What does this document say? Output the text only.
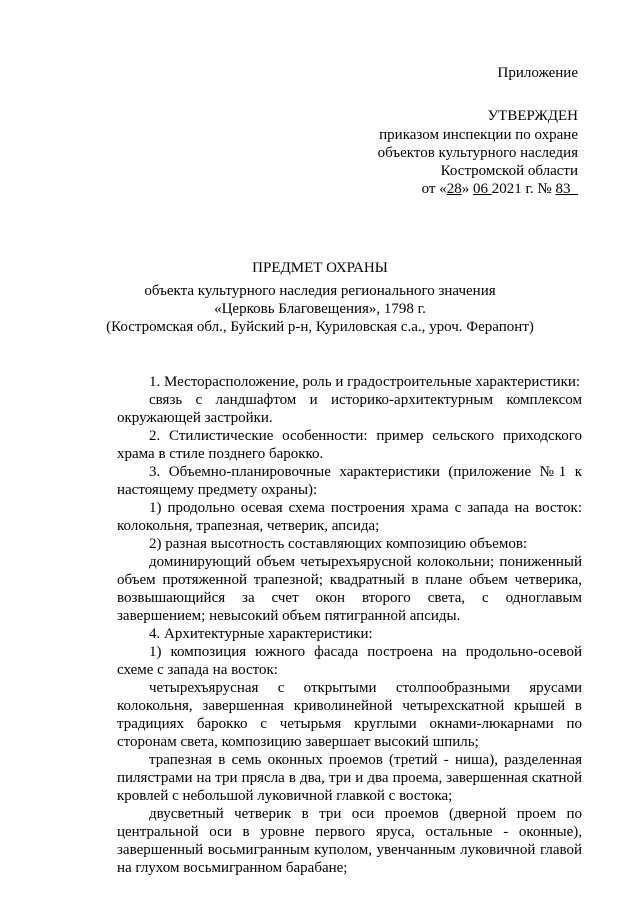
Приложение
УТВЕРЖДЕН
приказом инспекции по охране
объектов культурного наследия
Костромской области
от «28» 06 2021 г. № 83
ПРЕДМЕТ ОХРАНЫ
объекта культурного наследия регионального значения
«Церковь Благовещения», 1798 г.
(Костромская обл., Буйский р-н, Куриловская с.а., уроч. Ферапонт)

1. Месторасположение, роль и градостроительные характеристики:

связь с ландшафтом и историко-архитектурным комплексом окружающей застройки.

2. Стилистические особенности: пример сельского приходского храма в стиле позднего барокко.

3. Объемно-планировочные характеристики (приложение №1 к настоящему предмету охраны):

1) продольно осевая схема построения храма с запада на восток: колокольня, трапезная, четверик, апсида;

2) разная высотность составляющих композицию объемов:

доминирующий объем четырехъярусной колокольни; пониженный объем протяженной трапезной; квадратный в плане объем четверика, возвышающийся за счет окон второго света, с одноглавым завершением; невысокий объем пятигранной апсиды.

4. Архитектурные характеристики:

1) композиция южного фасада построена на продольно-осевой схеме с запада на восток:

четырехъярусная с открытыми столпообразными ярусами колокольня, завершенная криволинейной четырехскатной крышей в традициях барокко с четырьмя круглыми окнами-люкарнами по сторонам света, композицию завершает высокий шпиль;

трапезная в семь оконных проемов (третий - ниша), разделенная пилястрами на три прясла в два, три и два проема, завершенная скатной кровлей с небольшой луковичной главкой с востока;

двусветный четверик в три оси проемов (дверной проем по центральной оси в уровне первого яруса, остальные - оконные), завершенный восьмигранным куполом, увенчанным луковичной главой на глухом восьмигранном барабане;
